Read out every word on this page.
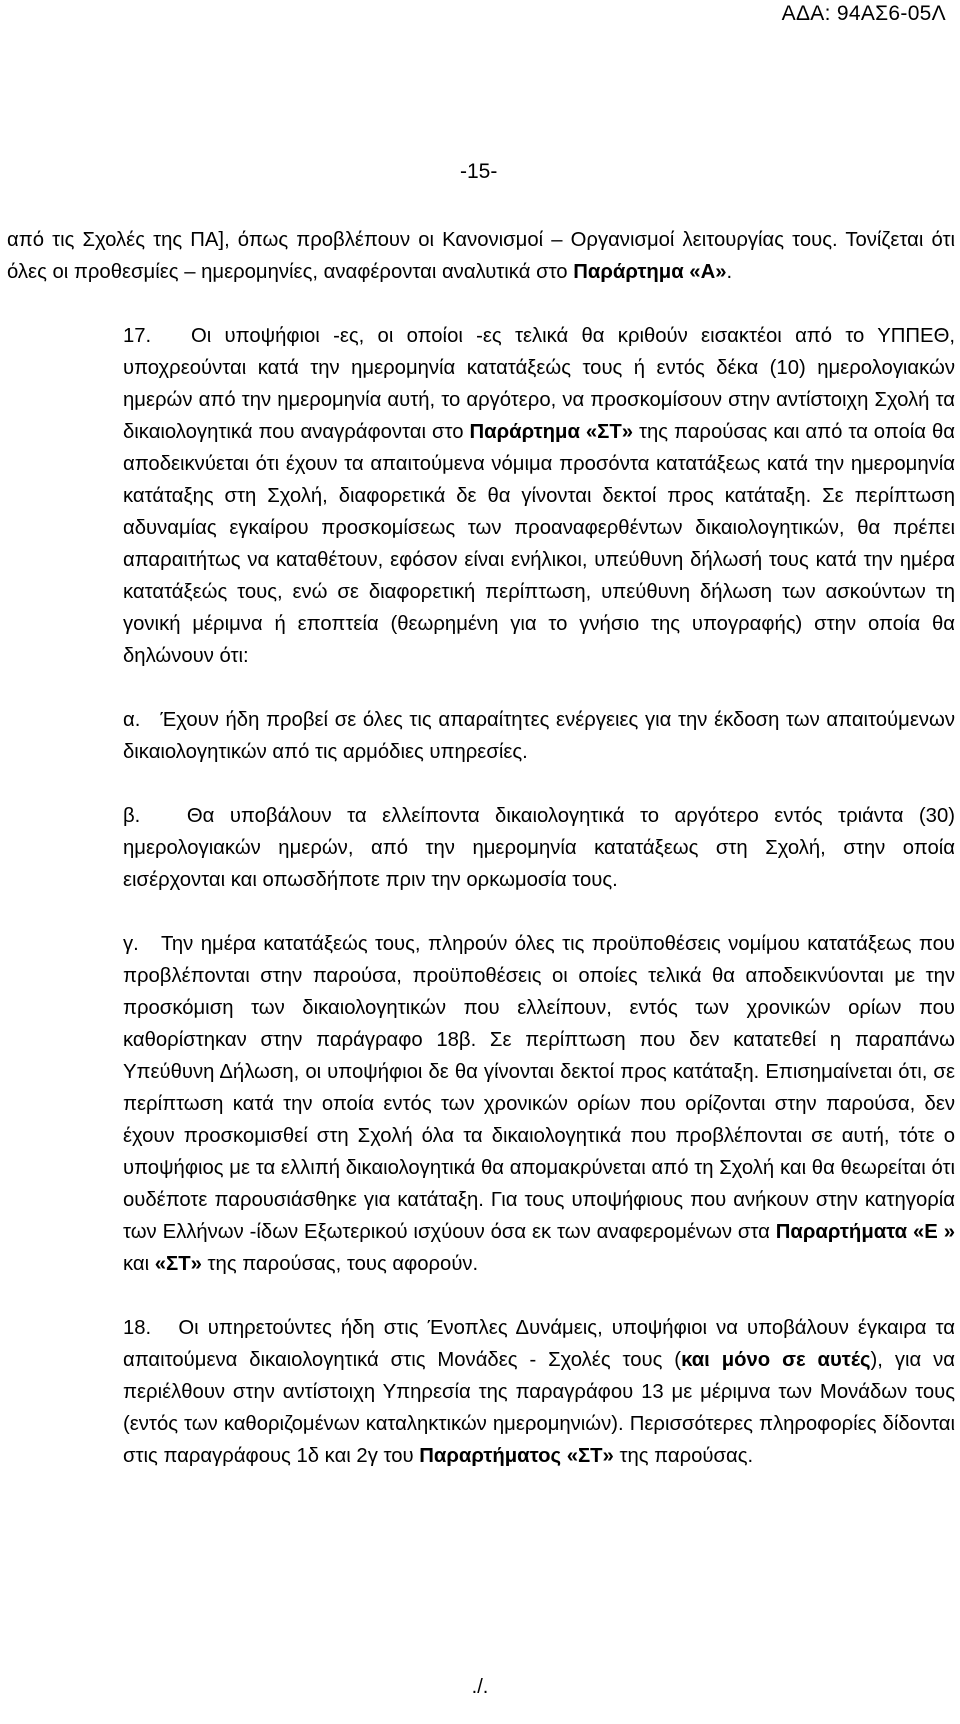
ΑΔΑ: 94ΑΣ6-05Λ
-15-

από τις Σχολές της ΠΑ], όπως προβλέπουν οι Κανονισμοί – Οργανισμοί λειτουργίας τους. Τονίζεται ότι όλες οι προθεσμίες – ημερομηνίες, αναφέρονται αναλυτικά στο Παράρτημα «Α».

17. Οι υποψήφιοι -ες, οι οποίοι -ες τελικά θα κριθούν εισακτέοι από το ΥΠΠΕΘ, υποχρεούνται κατά την ημερομηνία κατατάξεώς τους ή εντός δέκα (10) ημερολογιακών ημερών από την ημερομηνία αυτή, το αργότερο, να προσκομίσουν στην αντίστοιχη Σχολή τα δικαιολογητικά που αναγράφονται στο Παράρτημα «ΣΤ» της παρούσας και από τα οποία θα αποδεικνύεται ότι έχουν τα απαιτούμενα νόμιμα προσόντα κατατάξεως κατά την ημερομηνία κατάταξης στη Σχολή, διαφορετικά δε θα γίνονται δεκτοί προς κατάταξη. Σε περίπτωση αδυναμίας εγκαίρου προσκομίσεως των προαναφερθέντων δικαιολογητικών, θα πρέπει απαραιτήτως να καταθέτουν, εφόσον είναι ενήλικοι, υπεύθυνη δήλωσή τους κατά την ημέρα κατατάξεώς τους, ενώ σε διαφορετική περίπτωση, υπεύθυνη δήλωση των ασκούντων τη γονική μέριμνα ή εποπτεία (θεωρημένη για το γνήσιο της υπογραφής) στην οποία θα δηλώνουν ότι:

α. Έχουν ήδη προβεί σε όλες τις απαραίτητες ενέργειες για την έκδοση των απαιτούμενων δικαιολογητικών από τις αρμόδιες υπηρεσίες.

β. Θα υποβάλουν τα ελλείποντα δικαιολογητικά το αργότερο εντός τριάντα (30) ημερολογιακών ημερών, από την ημερομηνία κατατάξεως στη Σχολή, στην οποία εισέρχονται και οπωσδήποτε πριν την ορκωμοσία τους.

γ. Την ημέρα κατατάξεώς τους, πληρούν όλες τις προϋποθέσεις νομίμου κατατάξεως που προβλέπονται στην παρούσα, προϋποθέσεις οι οποίες τελικά θα αποδεικνύονται με την προσκόμιση των δικαιολογητικών που ελλείπουν, εντός των χρονικών ορίων που καθορίστηκαν στην παράγραφο 18β. Σε περίπτωση που δεν κατατεθεί η παραπάνω Υπεύθυνη Δήλωση, οι υποψήφιοι δε θα γίνονται δεκτοί προς κατάταξη. Επισημαίνεται ότι, σε περίπτωση κατά την οποία εντός των χρονικών ορίων που ορίζονται στην παρούσα, δεν έχουν προσκομισθεί στη Σχολή όλα τα δικαιολογητικά που προβλέπονται σε αυτή, τότε ο υποψήφιος με τα ελλιπή δικαιολογητικά θα απομακρύνεται από τη Σχολή και θα θεωρείται ότι ουδέποτε παρουσιάσθηκε για κατάταξη. Για τους υποψήφιους που ανήκουν στην κατηγορία των Ελλήνων -ίδων Εξωτερικού ισχύουν όσα εκ των αναφερομένων στα Παραρτήματα «Ε » και «ΣΤ» της παρούσας, τους αφορούν.

18. Οι υπηρετούντες ήδη στις Ένοπλες Δυνάμεις, υποψήφιοι να υποβάλουν έγκαιρα τα απαιτούμενα δικαιολογητικά στις Μονάδες - Σχολές τους (και μόνο σε αυτές), για να περιέλθουν στην αντίστοιχη Υπηρεσία της παραγράφου 13 με μέριμνα των Μονάδων τους (εντός των καθοριζομένων καταληκτικών ημερομηνιών). Περισσότερες πληροφορίες δίδονται στις παραγράφους 1δ και 2γ του Παραρτήματος «ΣΤ» της παρούσας.

./.
